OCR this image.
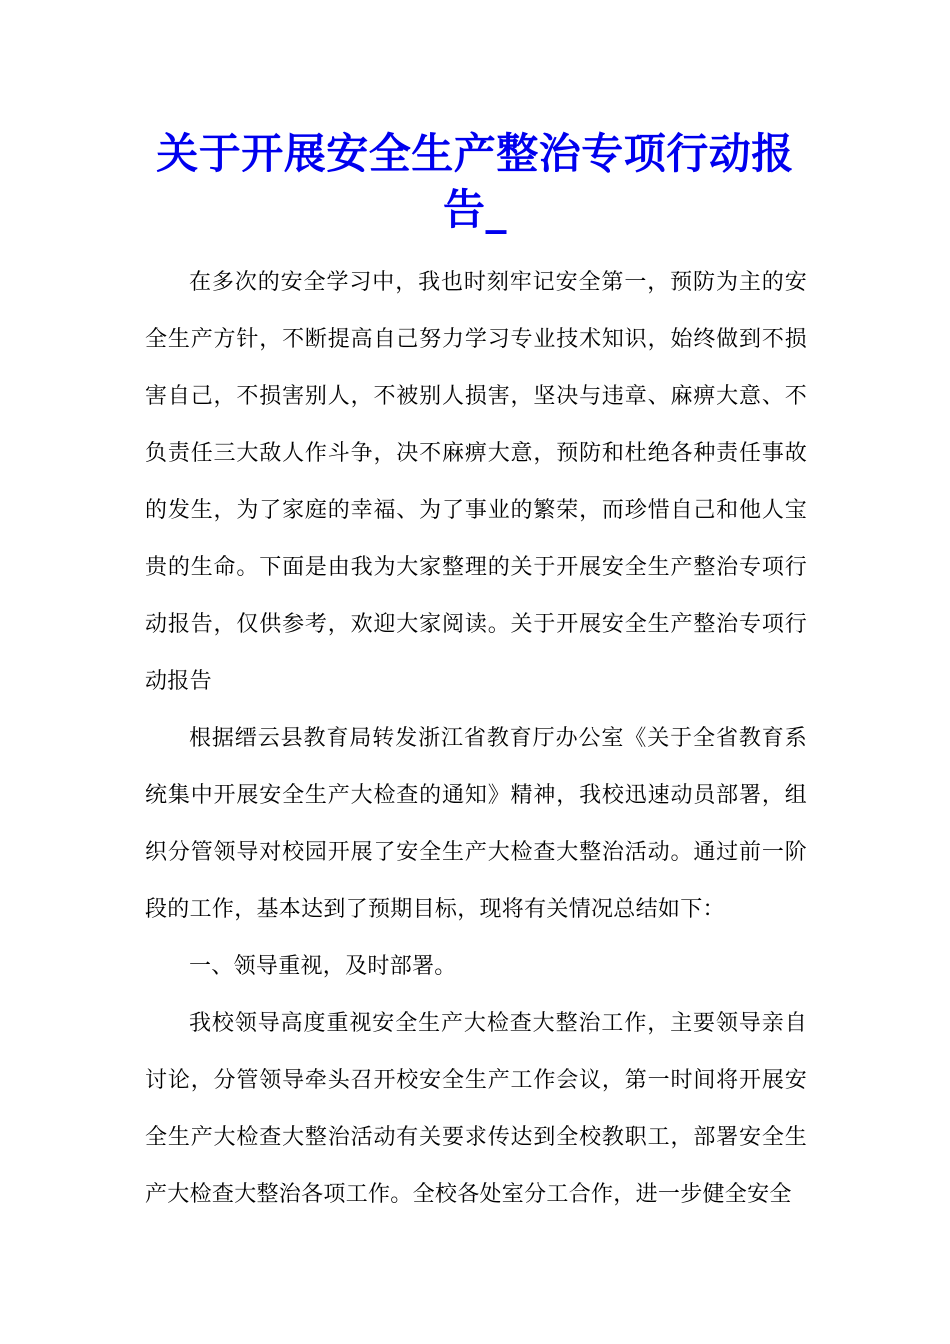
关于开展安全生产整治专项行动报告_

在多次的安全学习中，我也时刻牢记安全第一，预防为主的安全生产方针，不断提高自己努力学习专业技术知识，始终做到不损害自己，不损害别人，不被别人损害，坚决与违章、麻痹大意、不负责任三大敌人作斗争，决不麻痹大意，预防和杜绝各种责任事故的发生，为了家庭的幸福、为了事业的繁荣，而珍惜自己和他人宝贵的生命。下面是由我为大家整理的关于开展安全生产整治专项行动报告，仅供参考，欢迎大家阅读。关于开展安全生产整治专项行动报告

根据缙云县教育局转发浙江省教育厅办公室《关于全省教育系统集中开展安全生产大检查的通知》精神，我校迅速动员部署，组织分管领导对校园开展了安全生产大检查大整治活动。通过前一阶段的工作，基本达到了预期目标，现将有关情况总结如下：

一、领导重视，及时部署。

我校领导高度重视安全生产大检查大整治工作，主要领导亲自讨论，分管领导牵头召开校安全生产工作会议，第一时间将开展安全生产大检查大整治活动有关要求传达到全校教职工，部署安全生产大检查大整治各项工作。全校各处室分工合作，进一步健全安全
